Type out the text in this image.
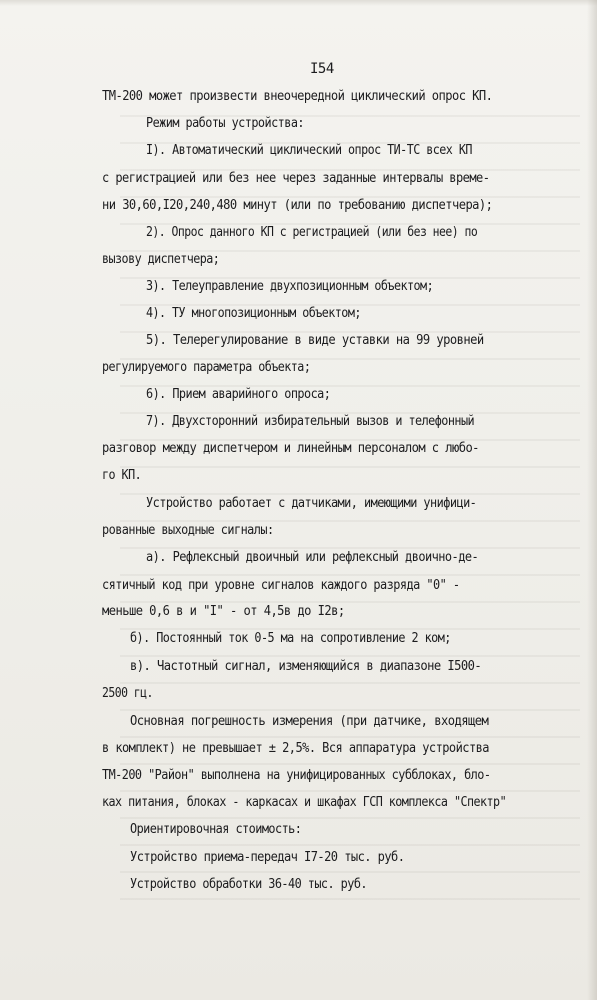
I54

ТМ-200 может произвести внеочередной циклический опрос КП.

Режим работы устройства:

I). Автоматический циклический опрос ТИ-ТС всех КП

с регистрацией или без нее через заданные интервалы време-

ни 30,60,I20,240,480 минут (или по требованию диспетчера);

2). Опрос данного КП с регистрацией (или без нее) по

вызову диспетчера;

3). Телеуправление двухпозиционным объектом;

4). ТУ многопозиционным объектом;

5). Телерегулирование в виде уставки на 99 уровней

регулируемого параметра объекта;

6). Прием аварийного опроса;

7). Двухсторонний избирательный вызов и телефонный

разговор между диспетчером и линейным персоналом с любо-

го КП.

Устройство работает с датчиками, имеющими унифици-

рованные выходные сигналы:

а). Рефлексный двоичный или рефлексный двоично-де-

сятичный код при уровне сигналов каждого разряда "0" -

меньше 0,6 в и "I" - от 4,5в до I2в;

б). Постоянный ток 0-5 ма на сопротивление 2 ком;

в). Частотный сигнал, изменяющийся в диапазоне I500-

2500 гц.

Основная погрешность измерения (при датчике, входящем

в комплект) не превышает ± 2,5%. Вся аппаратура устройства

ТМ-200 "Район" выполнена на унифицированных субблоках, бло-

ках питания, блоках - каркасах и шкафах ГСП комплекса "Спектр"

Ориентировочная стоимость:

Устройство приема-передач I7-20 тыс. руб.

Устройство обработки 36-40 тыс. руб.
